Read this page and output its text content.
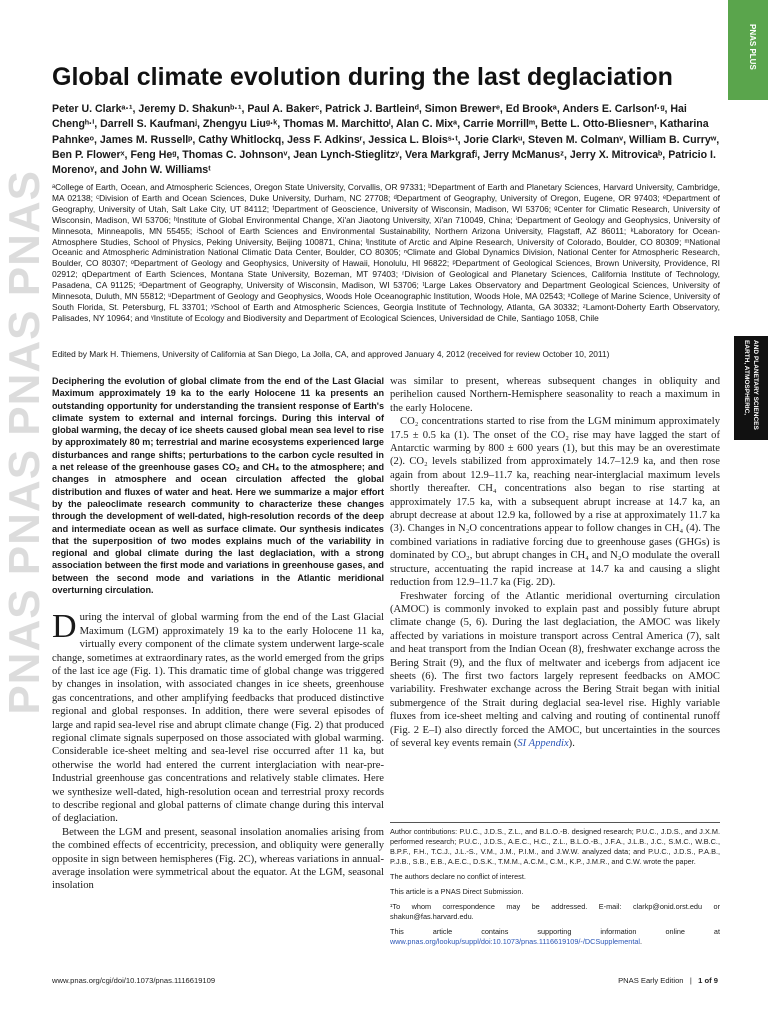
PNAS PNAS PNAS PNAS
PNAS PLUS
EARTH, ATMOSPHERIC, AND PLANETARY SCIENCES
Global climate evolution during the last deglaciation

Peter U. Clarkᵃ·¹, Jeremy D. Shakunᵇ·¹, Paul A. Bakerᶜ, Patrick J. Bartleinᵈ, Simon Brewerᵉ, Ed Brookᵃ, Anders E. Carlsonᶠ·ᵍ, Hai Chengʰ·ⁱ, Darrell S. Kaufmanʲ, Zhengyu Liuᵍ·ᵏ, Thomas M. Marchittoˡ, Alan C. Mixᵃ, Carrie Morrillᵐ, Bette L. Otto-Bliesnerⁿ, Katharina Pahnkeᵒ, James M. Russellᵖ, Cathy Whitlockq, Jess F. Adkinsʳ, Jessica L. Bloisˢ·ᵗ, Jorie Clarkᵘ, Steven M. Colmanᵛ, William B. Curryʷ, Ben P. Flowerˣ, Feng Heᵍ, Thomas C. Johnsonᵛ, Jean Lynch-Stieglitzʸ, Vera Markgrafʲ, Jerry McManusᶻ, Jerry X. Mitrovicaᵇ, Patricio I. Morenoᵞ, and John W. Williamsᵗ

ᵃCollege of Earth, Ocean, and Atmospheric Sciences, Oregon State University, Corvallis, OR 97331; ᵇDepartment of Earth and Planetary Sciences, Harvard University, Cambridge, MA 02138; ᶜDivision of Earth and Ocean Sciences, Duke University, Durham, NC 27708; ᵈDepartment of Geography, University of Oregon, Eugene, OR 97403; ᵉDepartment of Geography, University of Utah, Salt Lake City, UT 84112; ᶠDepartment of Geoscience, University of Wisconsin, Madison, WI 53706; ᵍCenter for Climatic Research, University of Wisconsin, Madison, WI 53706; ʰInstitute of Global Environmental Change, Xi'an Jiaotong University, Xi'an 710049, China; ⁱDepartment of Geology and Geophysics, University of Minnesota, Minneapolis, MN 55455; ʲSchool of Earth Sciences and Environmental Sustainability, Northern Arizona University, Flagstaff, AZ 86011; ᵏLaboratory for Ocean-Atmosphere Studies, School of Physics, Peking University, Beijing 100871, China; ˡInstitute of Arctic and Alpine Research, University of Colorado, Boulder, CO 80309; ᵐNational Oceanic and Atmospheric Administration National Climatic Data Center, Boulder, CO 80305; ⁿClimate and Global Dynamics Division, National Center for Atmospheric Research, Boulder, CO 80307; ᵒDepartment of Geology and Geophysics, University of Hawaii, Honolulu, HI 96822; ᵖDepartment of Geological Sciences, Brown University, Providence, RI 02912; qDepartment of Earth Sciences, Montana State University, Bozeman, MT 97403; ʳDivision of Geological and Planetary Sciences, California Institute of Technology, Pasadena, CA 91125; ˢDepartment of Geography, University of Wisconsin, Madison, WI 53706; ᵗLarge Lakes Observatory and Department Geological Sciences, University of Minnesota, Duluth, MN 55812; ᵘDepartment of Geology and Geophysics, Woods Hole Oceanographic Institution, Woods Hole, MA 02543; ˣCollege of Marine Science, University of South Florida, St. Petersburg, FL 33701; ʸSchool of Earth and Atmospheric Sciences, Georgia Institute of Technology, Atlanta, GA 30332; ᶻLamont-Doherty Earth Observatory, Palisades, NY 10964; and ᵞInstitute of Ecology and Biodiversity and Department of Ecological Sciences, Universidad de Chile, Santiago 1058, Chile

Edited by Mark H. Thiemens, University of California at San Diego, La Jolla, CA, and approved January 4, 2012 (received for review October 10, 2011)

Deciphering the evolution of global climate from the end of the Last Glacial Maximum approximately 19 ka to the early Holocene 11 ka presents an outstanding opportunity for understanding the transient response of Earth's climate system to external and internal forcings. During this interval of global warming, the decay of ice sheets caused global mean sea level to rise by approximately 80 m; terrestrial and marine ecosystems experienced large disturbances and range shifts; perturbations to the carbon cycle resulted in a net release of the greenhouse gases CO₂ and CH₄ to the atmosphere; and changes in atmosphere and ocean circulation affected the global distribution and fluxes of water and heat. Here we summarize a major effort by the paleoclimate research community to characterize these changes through the development of well-dated, high-resolution records of the deep and intermediate ocean as well as surface climate. Our synthesis indicates that the superposition of two modes explains much of the variability in regional and global climate during the last deglaciation, with a strong association between the first mode and variations in greenhouse gases, and between the second mode and variations in the Atlantic meridional overturning circulation.

During the interval of global warming from the end of the Last Glacial Maximum (LGM) approximately 19 ka to the early Holocene 11 ka, virtually every component of the climate system underwent large-scale change, sometimes at extraordinary rates, as the world emerged from the grips of the last ice age (Fig. 1). This dramatic time of global change was triggered by changes in insolation, with associated changes in ice sheets, greenhouse gas concentrations, and other amplifying feedbacks that produced distinctive regional and global responses. In addition, there were several episodes of large and rapid sea-level rise and abrupt climate change (Fig. 2) that produced regional climate signals superposed on those associated with global warming. Considerable ice-sheet melting and sea-level rise occurred after 11 ka, but otherwise the world had entered the current interglaciation with near-pre-Industrial greenhouse gas concentrations and relatively stable climates. Here we synthesize well-dated, high-resolution ocean and terrestrial proxy records to describe regional and global patterns of climate change during this interval of deglaciation.

Between the LGM and present, seasonal insolation anomalies arising from the combined effects of eccentricity, precession, and obliquity were generally opposite in sign between hemispheres (Fig. 2C), whereas variations in annual-average insolation were symmetrical about the equator. At the LGM, seasonal insolation

was similar to present, whereas subsequent changes in obliquity and perihelion caused Northern-Hemisphere seasonality to reach a maximum in the early Holocene.

CO₂ concentrations started to rise from the LGM minimum approximately 17.5 ± 0.5 ka (1). The onset of the CO₂ rise may have lagged the start of Antarctic warming by 800 ± 600 years (1), but this may be an overestimate (2). CO₂ levels stabilized from approximately 14.7–12.9 ka, and then rose again from about 12.9–11.7 ka, reaching near-interglacial maximum levels shortly thereafter. CH₄ concentrations also began to rise starting at approximately 17.5 ka, with a subsequent abrupt increase at 14.7 ka, an abrupt decrease at about 12.9 ka, followed by a rise at approximately 11.7 ka (3). Changes in N₂O concentrations appear to follow changes in CH₄ (4). The combined variations in radiative forcing due to greenhouse gases (GHGs) is dominated by CO₂, but abrupt changes in CH₄ and N₂O modulate the overall structure, accentuating the rapid increase at 14.7 ka and causing a slight reduction from 12.9–11.7 ka (Fig. 2D).

Freshwater forcing of the Atlantic meridional overturning circulation (AMOC) is commonly invoked to explain past and possibly future abrupt climate change (5, 6). During the last deglaciation, the AMOC was likely affected by variations in moisture transport across Central America (7), salt and heat transport from the Indian Ocean (8), freshwater exchange across the Bering Strait (9), and the flux of meltwater and icebergs from adjacent ice sheets (6). The first two factors largely represent feedbacks on AMOC variability. Freshwater exchange across the Bering Strait began with initial submergence of the Strait during deglacial sea-level rise. Highly variable fluxes from ice-sheet melting and calving and routing of continental runoff (Fig. 2 E–I) also directly forced the AMOC, but uncertainties in the sources of several key events remain (SI Appendix).

Author contributions: P.U.C., J.D.S., Z.L., and B.L.O.-B. designed research; P.U.C., J.D.S., and J.X.M. performed research; P.U.C., J.D.S., A.E.C., H.C., Z.L., B.L.O.-B., J.F.A., J.L.B., J.C., S.M.C., W.B.C., B.P.F., F.H., T.C.J., J.L.-S., V.M., J.M., P.I.M., and J.W.W. analyzed data; and P.U.C., J.D.S., P.A.B., P.J.B., S.B., E.B., A.E.C., D.S.K., T.M.M., A.C.M., C.M., K.P., J.M.R., and C.W. wrote the paper.

The authors declare no conflict of interest.

This article is a PNAS Direct Submission.

¹To whom correspondence may be addressed. E-mail: clarkp@onid.orst.edu or shakun@fas.harvard.edu.

This article contains supporting information online at www.pnas.org/lookup/suppl/doi:10.1073/pnas.1116619109/-/DCSupplemental.

www.pnas.org/cgi/doi/10.1073/pnas.1116619109	PNAS Early Edition   |   1 of 9
